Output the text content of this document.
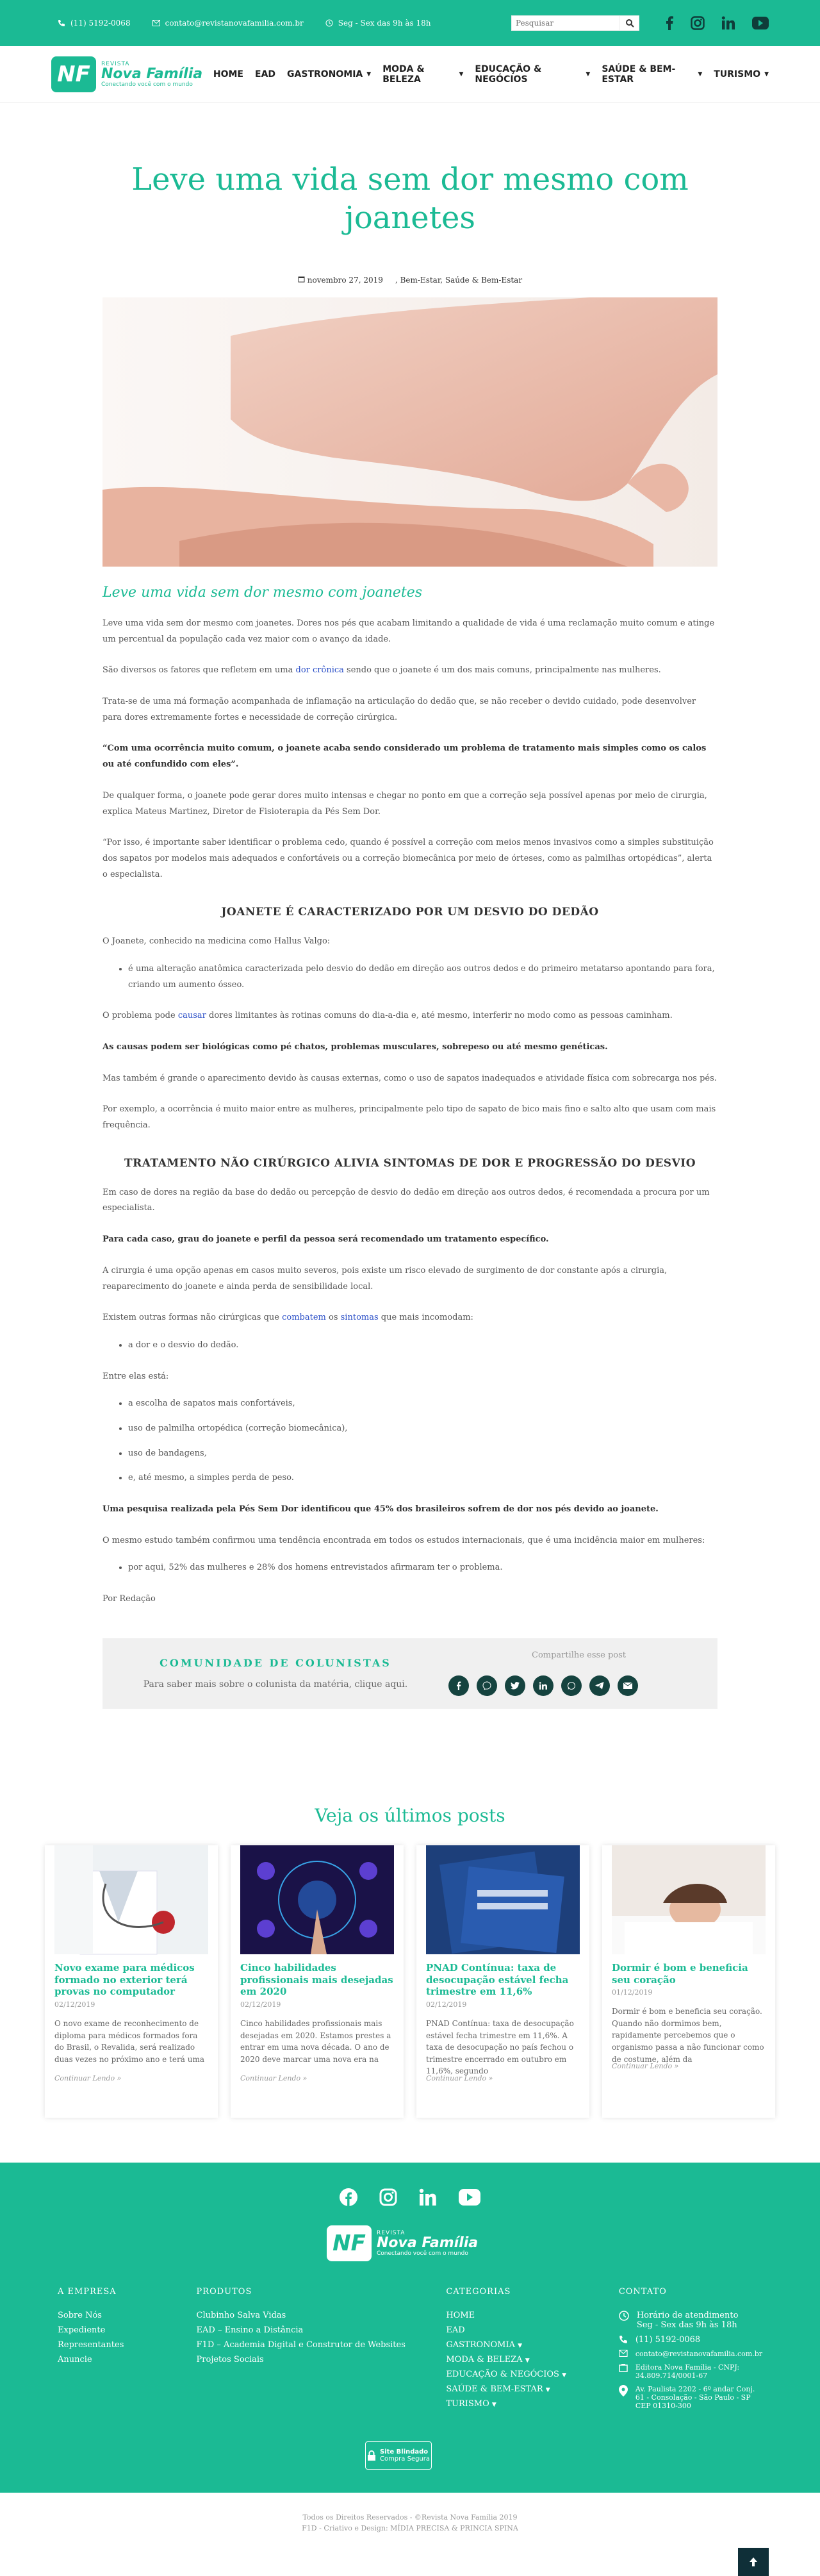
(11) 5192-0068	contato@revistanovafamilia.com.br	Seg - Sex das 9h às 18h
Pesquisar
NF	REVISTA
Nova Família
Conectando você com o mundo
HOME EAD GASTRONOMIA ▼ MODA & BELEZA	▼ EDUCAÇÃO & NEGÓCIOS	▼ SAÚDE & BEM-ESTAR	▼ TURISMO ▼
Leve uma vida sem dor mesmo com joanetes
novembro 27, 2019 , Bem-Estar, Saúde & Bem-Estar
Leve uma vida sem dor mesmo com joanetes

Leve uma vida sem dor mesmo com joanetes. Dores nos pés que acabam limitando a qualidade de vida é uma reclamação muito comum e atinge um percentual da população cada vez maior com o avanço da idade.

São diversos os fatores que refletem em uma dor crônica sendo que o joanete é um dos mais comuns, principalmente nas mulheres.

Trata-se de uma má formação acompanhada de inflamação na articulação do dedão que, se não receber o devido cuidado, pode desenvolver para dores extremamente fortes e necessidade de correção cirúrgica.

“Com uma ocorrência muito comum, o joanete acaba sendo considerado um problema de tratamento mais simples como os calos ou até confundido com eles”.

De qualquer forma, o joanete pode gerar dores muito intensas e chegar no ponto em que a correção seja possível apenas por meio de cirurgia, explica Mateus Martinez, Diretor de Fisioterapia da Pés Sem Dor.

“Por isso, é importante saber identificar o problema cedo, quando é possível a correção com meios menos invasivos como a simples substituição dos sapatos por modelos mais adequados e confortáveis ou a correção biomecânica por meio de órteses, como as palmilhas ortopédicas”, alerta o especialista.

JOANETE É CARACTERIZADO POR UM DESVIO DO DEDÃO

O Joanete, conhecido na medicina como Hallus Valgo:

• é uma alteração anatômica caracterizada pelo desvio do dedão em direção aos outros dedos e do primeiro metatarso apontando para fora, criando um aumento ósseo.

O problema pode causar dores limitantes às rotinas comuns do dia-a-dia e, até mesmo, interferir no modo como as pessoas caminham.

As causas podem ser biológicas como pé chatos, problemas musculares, sobrepeso ou até mesmo genéticas.

Mas também é grande o aparecimento devido às causas externas, como o uso de sapatos inadequados e atividade física com sobrecarga nos pés.

Por exemplo, a ocorrência é muito maior entre as mulheres, principalmente pelo tipo de sapato de bico mais fino e salto alto que usam com mais frequência.

TRATAMENTO NÃO CIRÚRGICO ALIVIA SINTOMAS DE DOR E PROGRESSÃO DO DESVIO

Em caso de dores na região da base do dedão ou percepção de desvio do dedão em direção aos outros dedos, é recomendada a procura por um especialista.

Para cada caso, grau do joanete e perfil da pessoa será recomendado um tratamento específico.

A cirurgia é uma opção apenas em casos muito severos, pois existe um risco elevado de surgimento de dor constante após a cirurgia, reaparecimento do joanete e ainda perda de sensibilidade local.

Existem outras formas não cirúrgicas que combatem os sintomas que mais incomodam:

• a dor e o desvio do dedão.

Entre elas está:

• a escolha de sapatos mais confortáveis,
• uso de palmilha ortopédica (correção biomecânica),
• uso de bandagens,
• e, até mesmo, a simples perda de peso.

Uma pesquisa realizada pela Pés Sem Dor identificou que 45% dos brasileiros sofrem de dor nos pés devido ao joanete.

O mesmo estudo também confirmou uma tendência encontrada em todos os estudos internacionais, que é uma incidência maior em mulheres:

• por aqui, 52% das mulheres e 28% dos homens entrevistados afirmaram ter o problema.

Por Redação

COMUNIDADE DE COLUNISTAS
Para saber mais sobre o colunista da matéria, clique aqui.
Compartilhe esse post
Veja os últimos posts
Novo exame para médicos formado no exterior terá provas no computador
02/12/2019
O novo exame de reconhecimento de diploma para médicos formados fora do Brasil, o Revalida, será realizado duas vezes no próximo ano e terá uma
Continuar Lendo »
Cinco habilidades profissionais mais desejadas em 2020
02/12/2019
Cinco habilidades profissionais mais desejadas em 2020. Estamos prestes a entrar em uma nova década. O ano de 2020 deve marcar uma nova era na
Continuar Lendo »
PNAD Contínua: taxa de desocupação estável fecha trimestre em 11,6%
02/12/2019
PNAD Contínua: taxa de desocupação estável fecha trimestre em 11,6%. A taxa de desocupação no país fechou o trimestre encerrado em outubro em 11,6%, segundo
Continuar Lendo »
Dormir é bom e beneficia seu coração
01/12/2019
Dormir é bom e beneficia seu coração. Quando não dormimos bem, rapidamente percebemos que o organismo passa a não funcionar como de costume, além da
Continuar Lendo »
NF	REVISTA
Nova Família
Conectando você com o mundo
A EMPRESA
Sobre Nós
Expediente
Representantes
Anuncie
PRODUTOS
Clubinho Salva Vidas
EAD – Ensino a Distância
F1D – Academia Digital e Construtor de Websites
Projetos Sociais
CATEGORIAS
HOME
EAD
GASTRONOMIA ▼
MODA & BELEZA ▼
EDUCAÇÃO & NEGÓCIOS ▼
SAÚDE & BEM-ESTAR ▼
TURISMO ▼
CONTATO
Horário de atendimento
Seg - Sex das 9h às 18h
(11) 5192-0068
contato@revistanovafamilia.com.br
Editora Nova Família - CNPJ: 34.809.714/0001-67
Av. Paulista 2202 - 6º andar Conj. 61 - Consolação - São Paulo - SP CEP 01310-300
Site Blindado
Compra Segura
Todos os Direitos Reservados - ©Revista Nova Família 2019
F1D - Criativo e Design: MÍDIA PRECISA & PRINCIA SPINA
